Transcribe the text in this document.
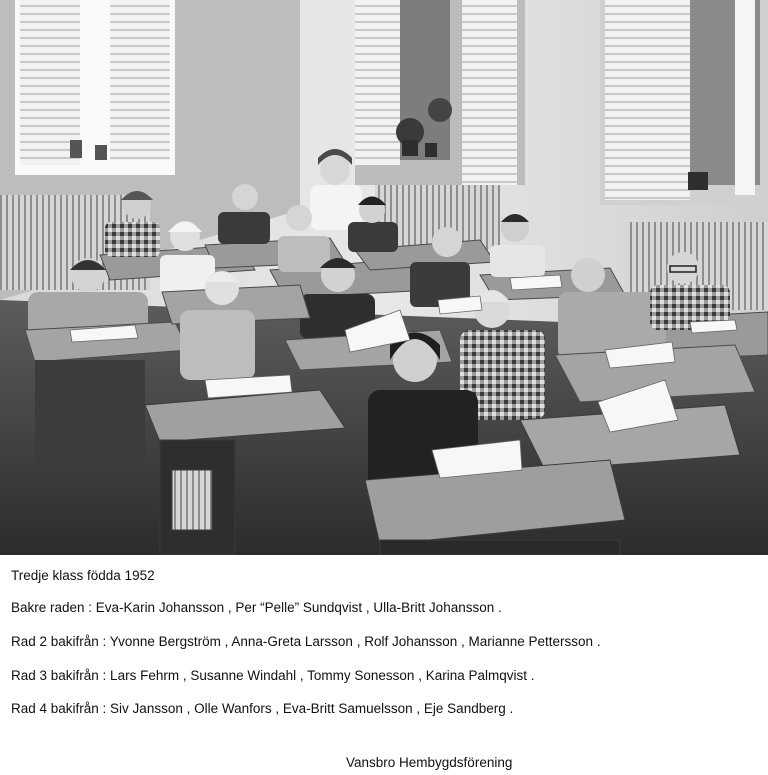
Tredje klass födda 1952
Bakre raden : Eva-Karin Johansson , Per “Pelle” Sundqvist , Ulla-Britt Johansson .
Rad 2 bakifrån : Yvonne Bergström , Anna-Greta Larsson , Rolf Johansson , Marianne Pettersson .
Rad 3 bakifrån : Lars Fehrm , Susanne Windahl , Tommy Sonesson , Karina Palmqvist .
Rad 4 bakifrån : Siv Jansson , Olle Wanfors , Eva-Britt Samuelsson , Eje Sandberg .
Vansbro Hembygdsförening
